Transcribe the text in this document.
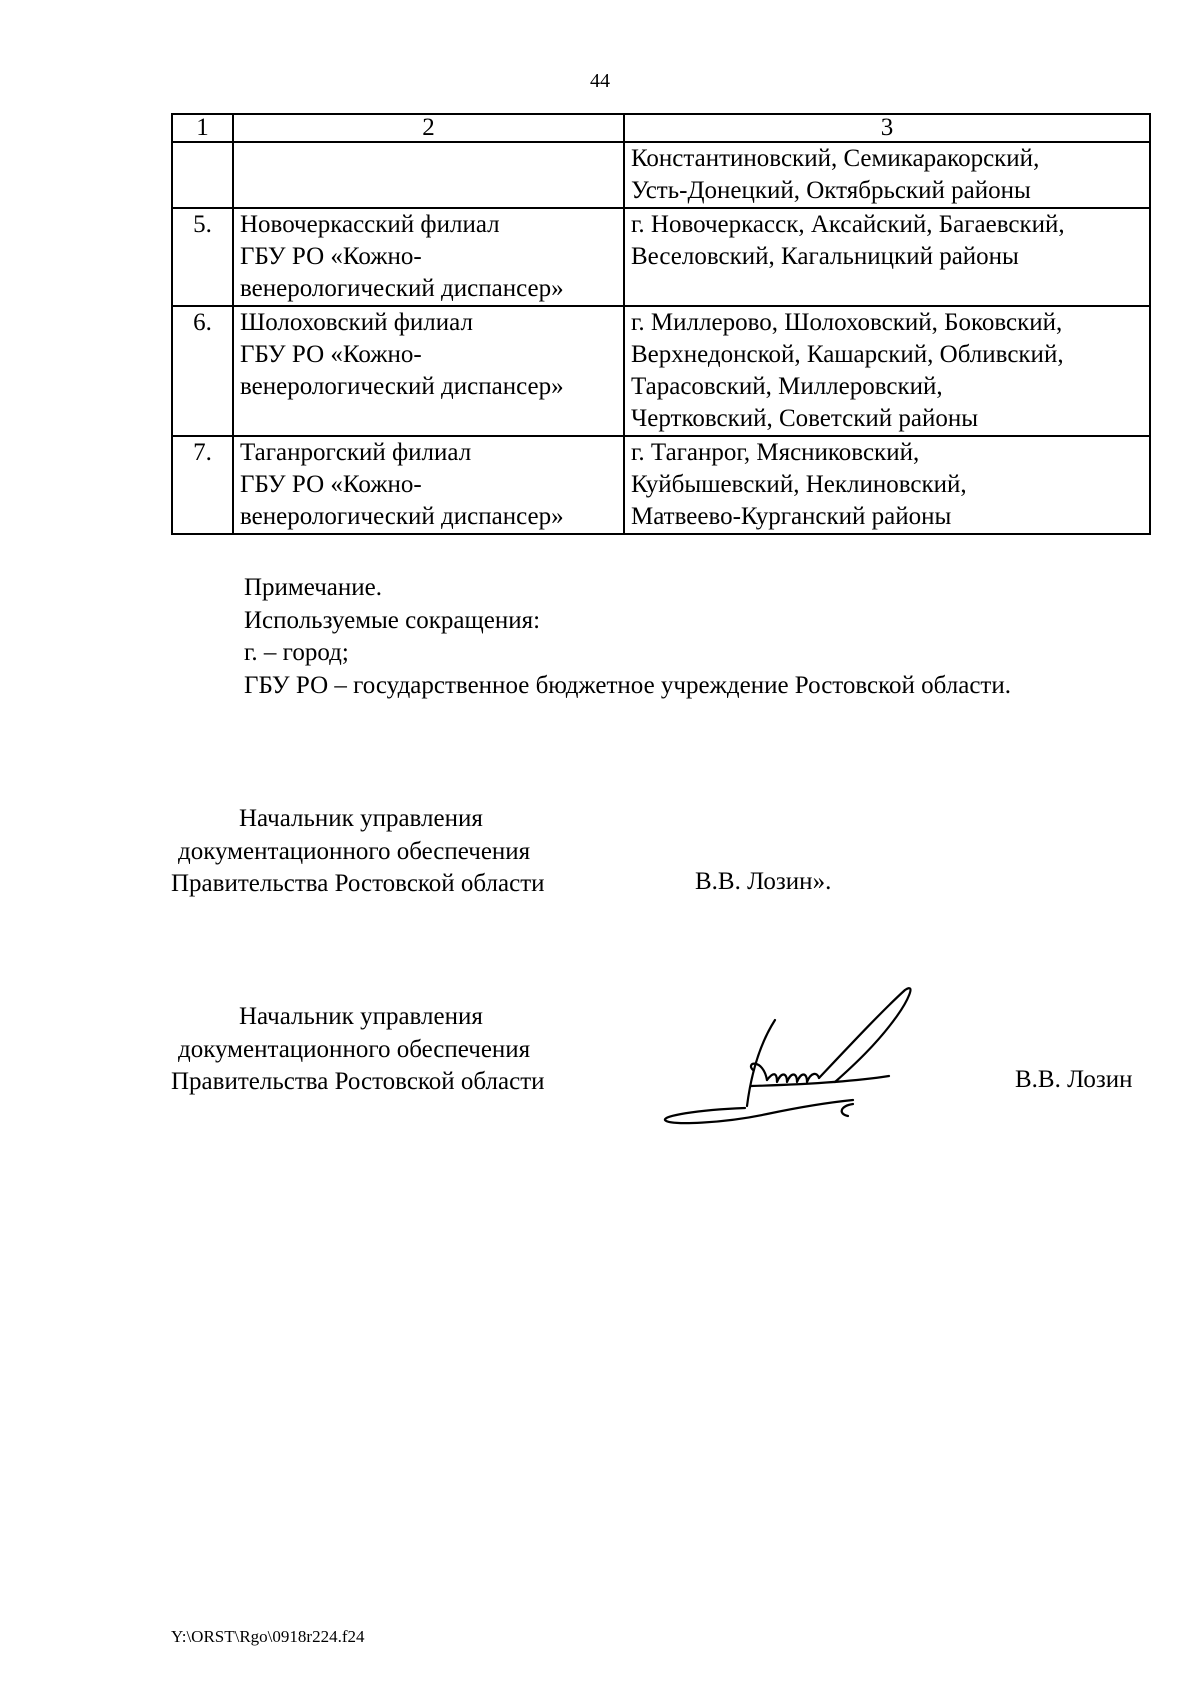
44
1	2	3

		Константиновский, Семикаракорский,
Усть-Донецкий, Октябрьский районы

5.	Новочеркасский филиал
ГБУ РО «Кожно-
венерологический диспансер»	г. Новочеркасск, Аксайский, Багаевский,
Веселовский, Кагальницкий районы

6.	Шолоховский филиал
ГБУ РО «Кожно-
венерологический диспансер»	г. Миллерово, Шолоховский, Боковский,
Верхнедонской, Кашарский, Обливский,
Тарасовский, Миллеровский,
Чертковский, Советский районы

7.	Таганрогский филиал
ГБУ РО «Кожно-
венерологический диспансер»	г. Таганрог, Мясниковский,
Куйбышевский, Неклиновский,
Матвеево-Курганский районы
Примечание.
Используемые сокращения:
г. – город;
ГБУ РО – государственное бюджетное учреждение Ростовской области.
Начальник управления
документационного обеспечения
Правительства Ростовской области	В.В. Лозин».
Начальник управления
документационного обеспечения
Правительства Ростовской области	В.В. Лозин
Y:\ORST\Rgo\0918r224.f24
